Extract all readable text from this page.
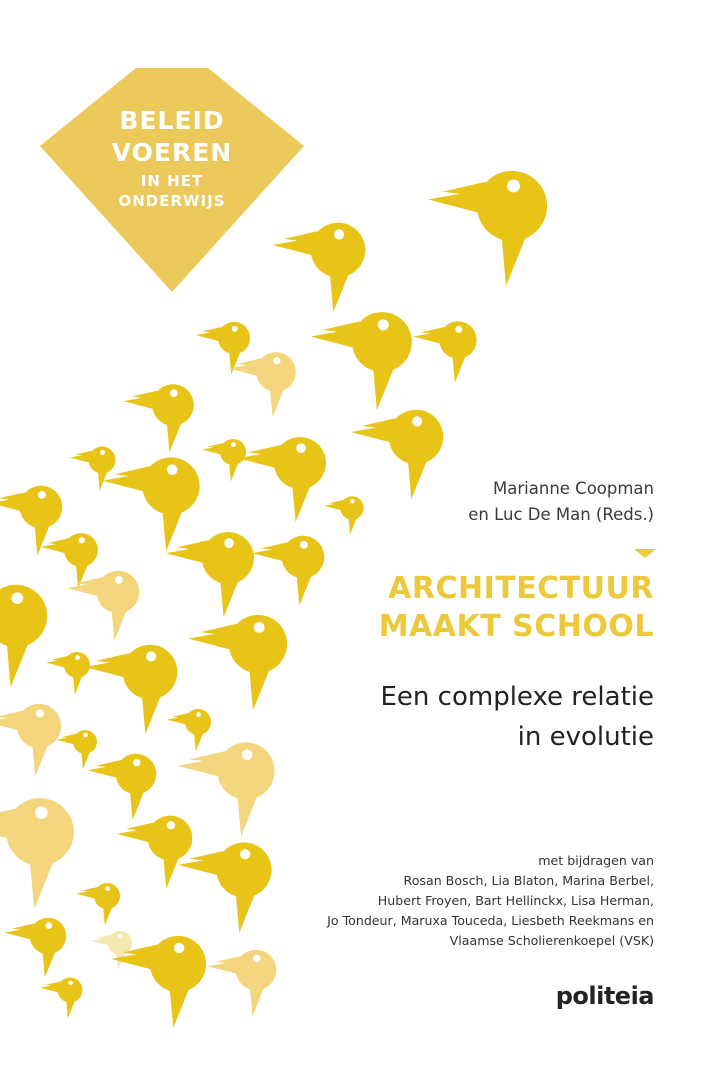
BELEID
VOEREN
IN HET
ONDERWIJS
Marianne Coopman
en Luc De Man (Reds.)
ARCHITECTUUR
MAAKT SCHOOL
Een complexe relatie
in evolutie
met bijdragen van
Rosan Bosch, Lia Blaton, Marina Berbel,
Hubert Froyen, Bart Hellinckx, Lisa Herman,
Jo Tondeur, Maruxa Touceda, Liesbeth Reekmans en
Vlaamse Scholierenkoepel (VSK)
politeia
